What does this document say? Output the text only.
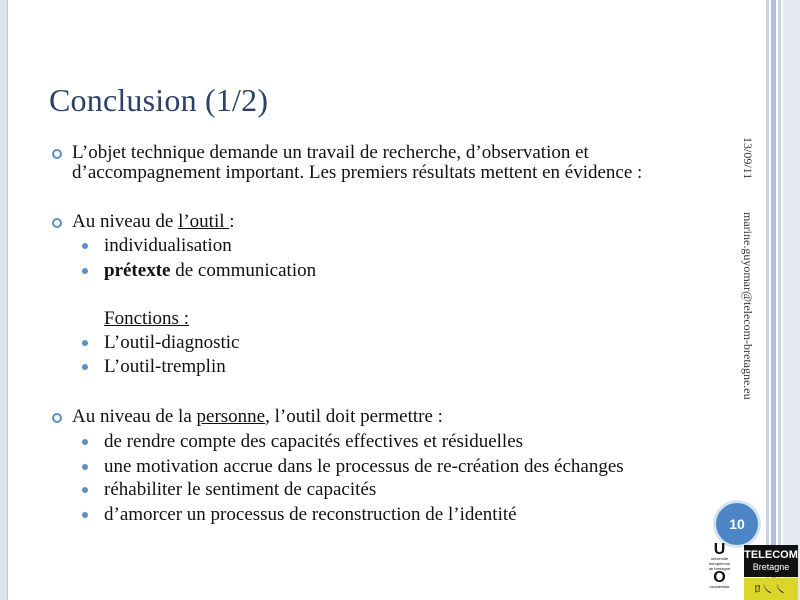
Conclusion (1/2)
13/09/11
marine.guyomar@telecom-bretagne.eu
L’objet technique demande un travail de recherche, d’observation et d’accompagnement important. Les premiers résultats mettent en évidence :
Au niveau de l’outil :
individualisation
prétexte de communication
Fonctions :
L’outil-diagnostic
L’outil-tremplin
Au niveau de la personne, l’outil doit permettre :
de rendre compte des capacités effectives et résiduelles
une motivation accrue dans le processus de re-création des échanges
réhabiliter le sentiment de capacités
d’amorcer un processus de reconstruction de l’identité	10
U
université
européenne
de bretagne
O
occidentale
TELECOM
Bretagne
ﾛ㇏㇏
